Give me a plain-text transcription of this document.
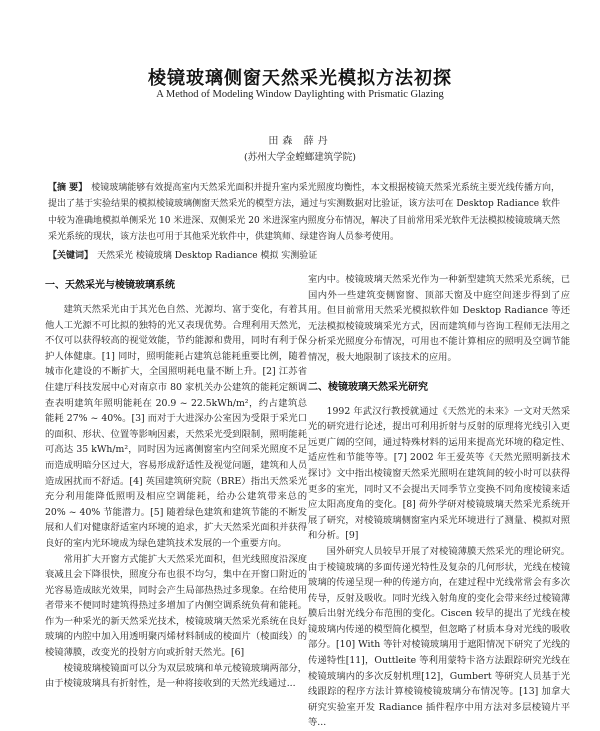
棱镜玻璃侧窗天然采光模拟方法初探
A Method of Modeling Window Daylighting with Prismatic Glazing
田森 薛丹
(苏州大学金螳螂建筑学院)
【摘 要】 棱镜玻璃能够有效提高室内天然采光面积并提升室内采光照度均衡性，本文根据棱镜天然采光系统主要光线传播方向，提出了基于实验结果的模拟棱镜玻璃侧窗天然采光的模型方法，通过与实测数据对比验证，该方法可在 Desktop Radiance 软件中较为准确地模拟单侧采光 10 米进深、双侧采光 20 米进深室内照度分布情况，解决了目前常用采光软件无法模拟棱镜玻璃天然采光系统的现状，该方法也可用于其他采光软件中，供建筑师、绿建咨询人员参考使用。
【关键词】 天然采光 棱镜玻璃 Desktop Radiance 模拟 实测验证
一、天然采光与棱镜玻璃系统

建筑天然采光由于其光色自然、光源均、富于变化，有着其他人工光源不可比拟的独特的光又表现优势。合理利用天然光，不仅可以获得较高的视觉效能，节约能源和费用，同时有利于保护人体健康。[1] 同时，照明能耗占建筑总能耗重要比例，随着城市化建设的不断扩大，全国照明耗电量不断上升。[2] 江苏省住建厅科技发展中心对南京市 80 家机关办公建筑的能耗定额调查表明建筑年照明能耗在 20.9 ~ 22.5kWh/m²，约占建筑总能耗 27% ~ 40%。[3] 而对于大进深办公室因为受限于采光口的面积、形状、位置等影响因素，天然采光受到限制，照明能耗可高达 35 kWh/m²，同时因为远离侧窗室内空间采光照度不足而造成明暗分区过大，容易形成舒适性及视觉问题，建筑和人员造成困扰而不舒适。[4] 英国建筑研究院（BRE）指出天然采光充分利用能降低照明及相应空调能耗，给办公建筑带来总的 20% ~ 40% 节能潜力。[5] 随着绿色建筑和建筑节能的不断发展和人们对健康舒适室内环境的追求，扩大天然采光面积并获得良好的室内光环境成为绿色建筑技术发展的一个重要方向。

常用扩大开窗方式能扩大天然采光面积，但光线照度沿深度衰减且会下降很快，照度分布也很不均匀，集中在开窗口附近的光容易造成眩光效果，同时会产生局部热热过多现象。在给使用者带来不便同时建筑得热过多增加了内侧空调系统负荷和能耗。作为一种采光的新天然采光技术，棱镜玻璃天然采光系统在良好玻璃的内腔中加入用透明聚丙烯材料制成的棱面片（棱面线）的棱镜薄膜，改变光的投射方向或折射天然光。[6]

棱镜玻璃棱镜面可以分为双层玻璃和单元棱镜玻璃两部分，由于棱镜玻璃具有折射性，是一种将接收到的天然光线通过...

室内中。棱镜玻璃天然采光作为一种新型建筑天然采光系统，已国内外一些建筑变侧窗窗、顶部天窗及中庭空间迷步得到了应用。但目前常用天然采光模拟软件如 Desktop Radiance 等还无法模拟棱镜玻璃采光方式，因而建筑师与咨询工程师无法用之分析采光照度分布情况，可用也不能计算相应的照明及空调节能情况，极大地限制了该技术的应用。

二、棱镜玻璃天然采光研究

1992 年武汉行教授就通过《天然光的未来》一文对天然采光的研究进行论述，提出可利用折射与反射的原理将光线引入更远更广阔的空间，通过特殊材料的运用来提高光环境的稳定性、适应性和节能等等。[7] 2002 年王爱英等《天然光照明新技术探讨》文中指出棱镜窗天然采光照明在建筑间的较小时可以获得更多的室光，同时又不会提出天同季节立变换不同角度棱镜来适应太阳高度角的变化。[8] 荷外学研对棱镜玻璃天然采光系统开展了研究，对棱镜玻璃侧窗室内采光环境进行了测量、模拟对照和分析。[9]

国外研究人员较早开展了对棱镜薄膜天然采光的理论研究。由于棱镜玻璃的多面传递光特性及复杂的几何形状，光线在棱镜玻璃的传递呈现一种的传递方向，在建过程中光线常常会有多次传导，反射及吸收。同时光线入射角度的变化会带来经过棱镜薄膜后出射光线分布范围的变化。Ciscen 较早的提出了光线在棱镜玻璃内传递的模型简化模型，但忽略了材质本身对光线的吸收部分。[10] With 等针对棱镜玻璃用于遮阳情况下研究了光线的传递特性[11]，Outtleite 等利用蒙特卡洛方法跟踪研究光线在棱镜玻璃内的多次反射机理[12]，Gumbert 等研究人员基于光线跟踪的程序方法计算棱镜棱镜玻璃分布情况等。[13] 加拿大研究实验室开发 Radiance 插件程序中用方法对多层棱镜片平等...
